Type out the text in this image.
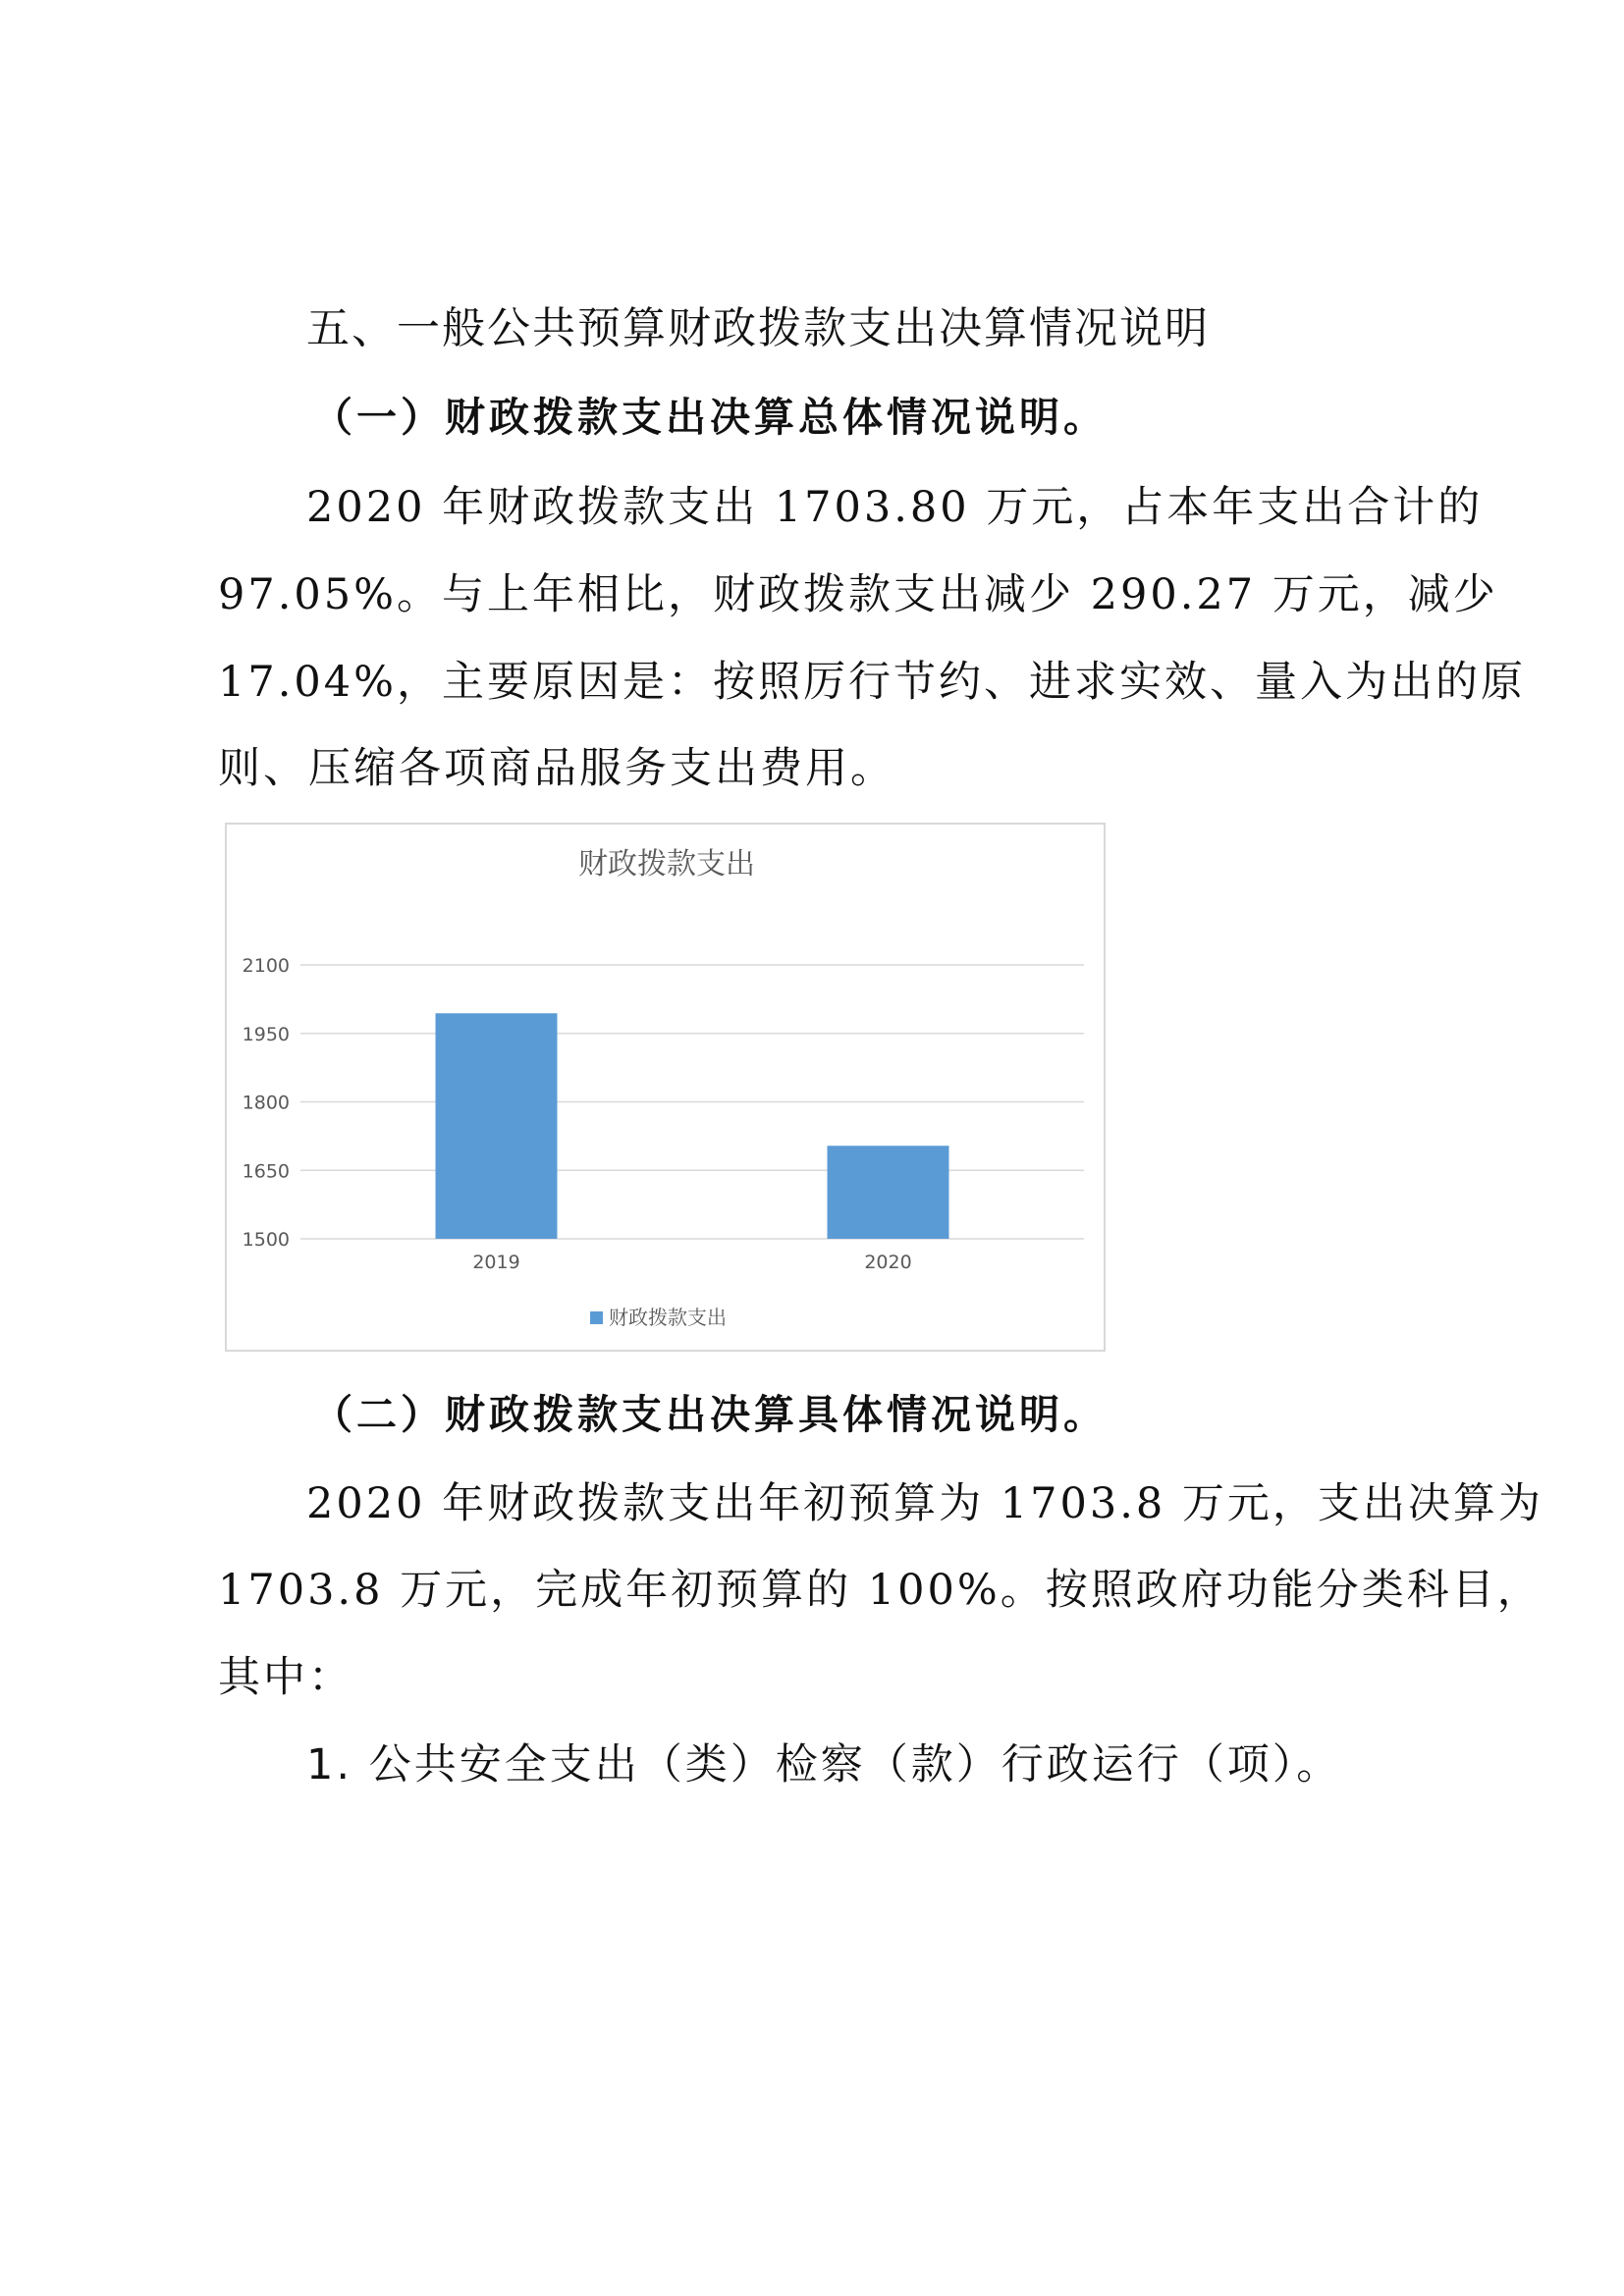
五、一般公共预算财政拨款支出决算情况说明
（一）财政拨款支出决算总体情况说明。
2020 年财政拨款支出 1703.80 万元，占本年支出合计的
97.05%。与上年相比，财政拨款支出减少 290.27 万元，减少
17.04%，主要原因是：按照厉行节约、进求实效、量入为出的原
则、压缩各项商品服务支出费用。
财政拨款支出
2100
1950
1800
1650
1500
2019	2020
财政拨款支出
（二）财政拨款支出决算具体情况说明。
2020 年财政拨款支出年初预算为 1703.8 万元，支出决算为
1703.8 万元，完成年初预算的 100%。按照政府功能分类科目，
其中：
1. 公共安全支出（类）检察（款）行政运行（项）。
